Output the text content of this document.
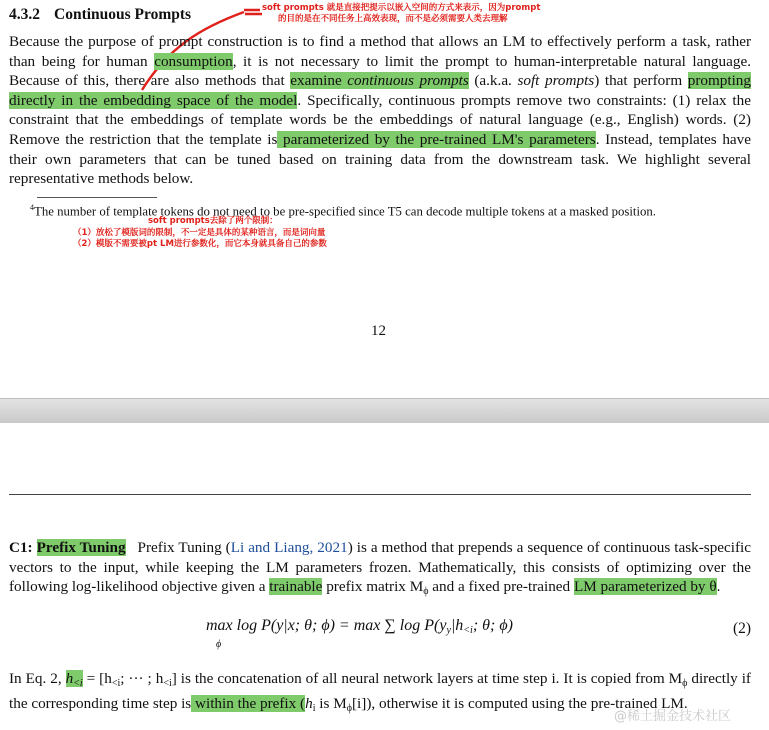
4.3.2 Continuous Prompts	soft prompts 就是直接把提示以嵌入空间的方式来表示，因为prompt
的目的是在不同任务上高效表现，而不是必须需要人类去理解

Because the purpose of prompt construction is to find a method that allows an LM to effectively perform a task, rather than being for human consumption, it is not necessary to limit the prompt to human-interpretable natural language. Because of this, there are also methods that examine continuous prompts (a.k.a. soft prompts) that perform prompting directly in the embedding space of the model. Specifically, continuous prompts remove two constraints: (1) relax the constraint that the embeddings of template words be the embeddings of natural language (e.g., English) words. (2) Remove the restriction that the template is parameterized by the pre-trained LM's parameters. Instead, templates have their own parameters that can be tuned based on training data from the downstream task. We highlight several representative methods below.

$^4$The number of template tokens do not need to be pre-specified since T5 can decode multiple tokens at a masked position.
soft prompts去除了两个限制：
（1）放松了模版词的限制，不一定是具体的某种语言，而是词向量
（2）模版不需要被pt LM进行参数化，而它本身就具备自己的参数
12

C1: Prefix Tuning Prefix Tuning (Li and Liang, 2021) is a method that prepends a sequence of continuous task-specific vectors to the input, while keeping the LM parameters frozen. Mathematically, this consists of optimizing over the following log-likelihood objective given a trainable prefix matrix $M_\phi$ and a fixed pre-trained LM parameterized by θ.

max log P(y|x; θ; ϕ) = max ∑ $\log P(y_y|h_{<i}$; θ; ϕ)
ϕ
(2)

In Eq. 2, $h_{<i} = [h_{<i}$; ··· ; $h_{<i}$] is the concatenation of all neural network layers at time step i. It is copied from $M_\phi$ directly if the corresponding time step is within the prefix ($h_i$ is $M_\phi[i]$), otherwise it is computed using the pre-trained LM.

@稀土掘金技术社区
